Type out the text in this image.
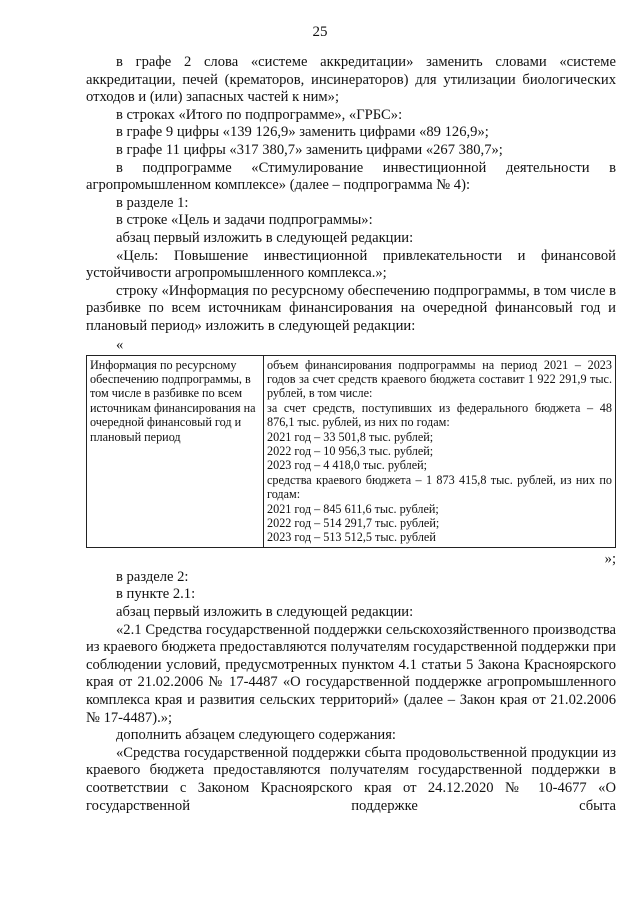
25

в графе 2 слова «системе аккредитации» заменить словами «системе аккредитации, печей (крематоров, инсинераторов) для утилизации биологических отходов и (или) запасных частей к ним»;

в строках «Итого по подпрограмме», «ГРБС»:

в графе 9 цифры «139 126,9» заменить цифрами «89 126,9»;

в графе 11 цифры «317 380,7» заменить цифрами «267 380,7»;

в подпрограмме «Стимулирование инвестиционной деятельности в агропромышленном комплексе» (далее – подпрограмма № 4):

в разделе 1:

в строке «Цель и задачи подпрограммы»:

абзац первый изложить в следующей редакции:

«Цель: Повышение инвестиционной привлекательности и финансовой устойчивости агропромышленного комплекса.»;

строку «Информация по ресурсному обеспечению подпрограммы, в том числе в разбивке по всем источникам финансирования на очередной финансовый год и плановый период» изложить в следующей редакции:

«

Информация по ресурсному обеспечению подпрограммы, в том числе в разбивке по всем источникам финансирования на очередной финансовый год и плановый период	
объем финансирования подпрограммы на период 2021 – 2023 годов за счет средств краевого бюджета составит 1 922 291,9 тыс. рублей, в том числе:
за счет средств, поступивших из федерального бюджета – 48 876,1 тыс. рублей, из них по годам:
2021 год – 33 501,8 тыс. рублей;
2022 год – 10 956,3 тыс. рублей;
2023 год – 4 418,0 тыс. рублей;
средства краевого бюджета – 1 873 415,8 тыс. рублей, из них по годам:
2021 год – 845 611,6 тыс. рублей;
2022 год – 514 291,7 тыс. рублей;
2023 год – 513 512,5 тыс. рублей

»;

в разделе 2:

в пункте 2.1:

абзац первый изложить в следующей редакции:

«2.1 Средства государственной поддержки сельскохозяйственного производства из краевого бюджета предоставляются получателям государственной поддержки при соблюдении условий, предусмотренных пунктом 4.1 статьи 5 Закона Красноярского края от 21.02.2006 № 17-4487 «О государственной поддержке агропромышленного комплекса края и развития сельских территорий» (далее – Закон края от 21.02.2006 № 17-4487).»;

дополнить абзацем следующего содержания:

«Средства государственной поддержки сбыта продовольственной продукции из краевого бюджета предоставляются получателям государственной поддержки в соответствии с Законом Красноярского края от 24.12.2020 № 10-4677 «О государственной поддержке сбыта
